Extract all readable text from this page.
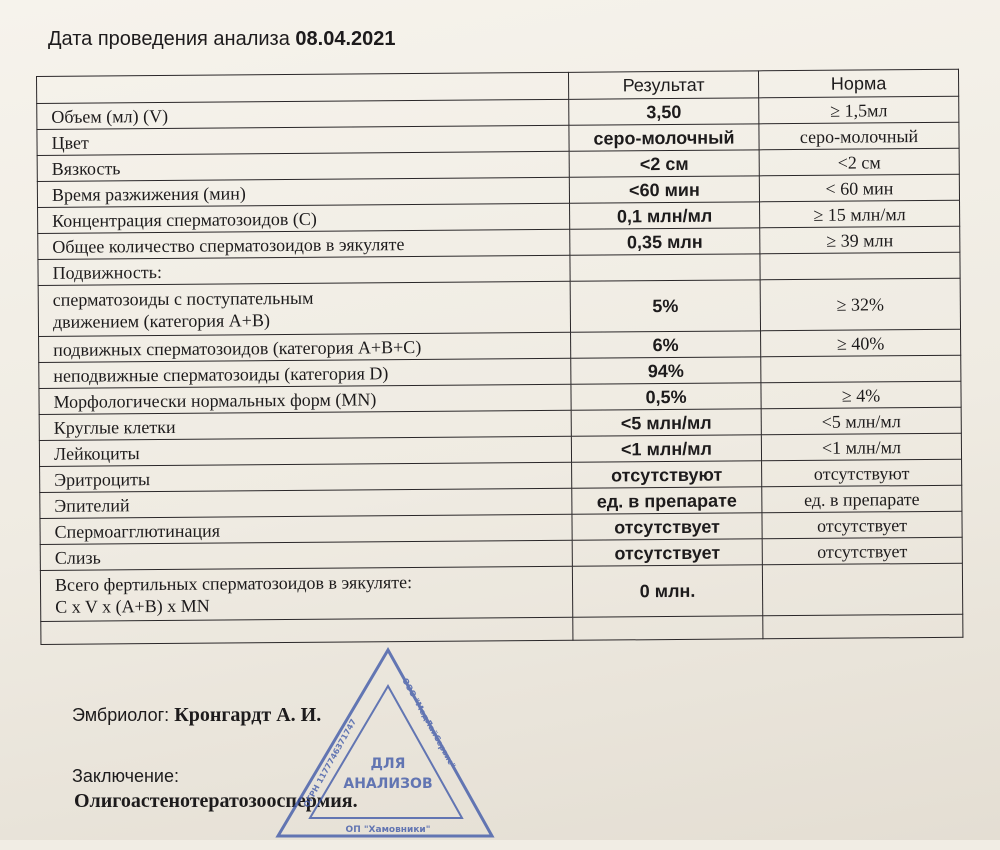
Дата проведения анализа 08.04.2021
	Результат	Норма
Объем (мл) (V)	3,50	≥ 1,5мл
Цвет	серо-молочный	серо-молочный
Вязкость	<2 см	<2 см
Время разжижения (мин)	<60 мин	< 60 мин
Концентрация сперматозоидов (С)	0,1 млн/мл	≥ 15 млн/мл
Общее количество сперматозоидов в эякуляте	0,35 млн	≥ 39 млн
Подвижность:		

сперматозоиды с поступательным
движением (категория A+B)	5%	≥ 32%
подвижных сперматозоидов (категория A+B+C)	6%	≥ 40%
неподвижные сперматозоиды (категория D)	94%	
Морфологически нормальных форм (MN)	0,5%	≥ 4%
Круглые клетки	<5 млн/мл	<5 млн/мл
Лейкоциты	<1 млн/мл	<1 млн/мл
Эритроциты	отсутствуют	отсутствуют
Эпителий	ед. в препарате	ед. в препарате
Спермоагглютинация	отсутствует	отсутствует
Слизь	отсутствует	отсутствует

Всего фертильных сперматозоидов в эякуляте:
C x V x (A+B) x MN	0 млн.	

Эмбриолог: Кронгардт А. И.
Заключение:
Олигоастенотератозооспермия.
ДЛЯ
АНАЛИЗОВ
ОП "Хамовники"
ОГРН 1177746371747	ООО "МедЛайСервис"
